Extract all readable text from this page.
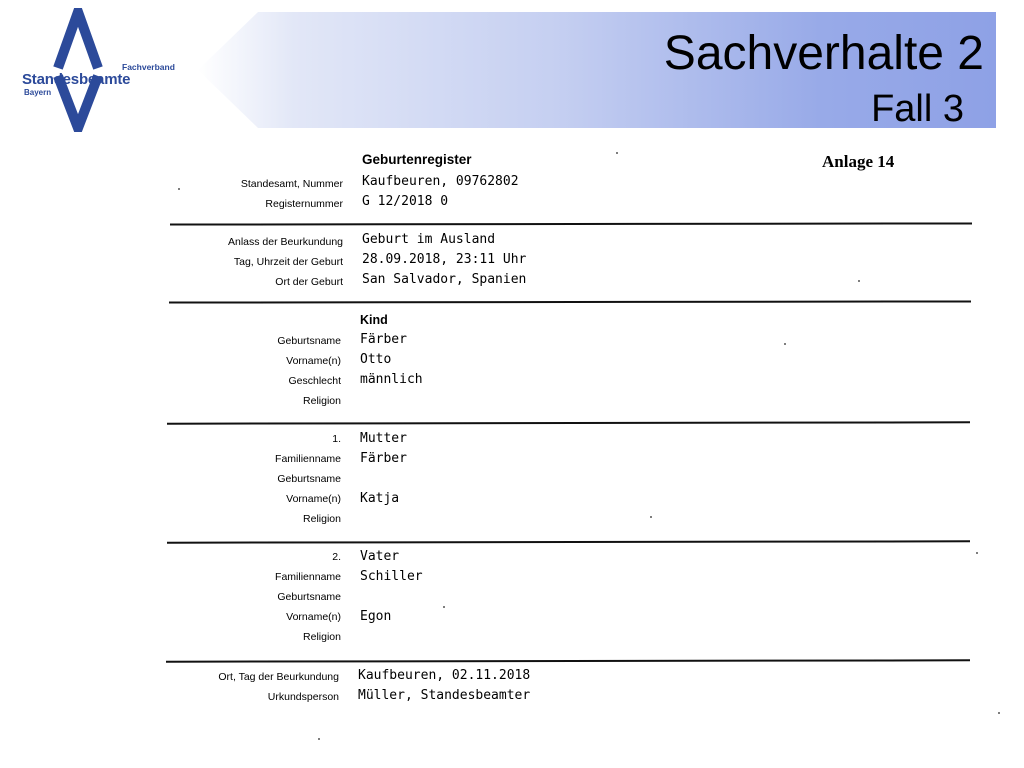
Fachverband
Standesbeamte
Bayern
Sachverhalte 2
Fall 3
Geburtenregister	Anlage 14
Standesamt, Nummer Kaufbeuren, 09762802
Registernummer G 12/2018 0
Anlass der Beurkundung Geburt im Ausland
Tag, Uhrzeit der Geburt 28.09.2018, 23:11 Uhr
Ort der Geburt San Salvador, Spanien
Kind
Geburtsname Färber
Vorname(n) Otto
Geschlecht männlich
Religion
1. Mutter
Familienname Färber
Geburtsname
Vorname(n) Katja
Religion
2. Vater
Familienname Schiller
Geburtsname
Vorname(n) Egon
Religion
Ort, Tag der Beurkundung Kaufbeuren, 02.11.2018
Urkundsperson Müller, Standesbeamter
